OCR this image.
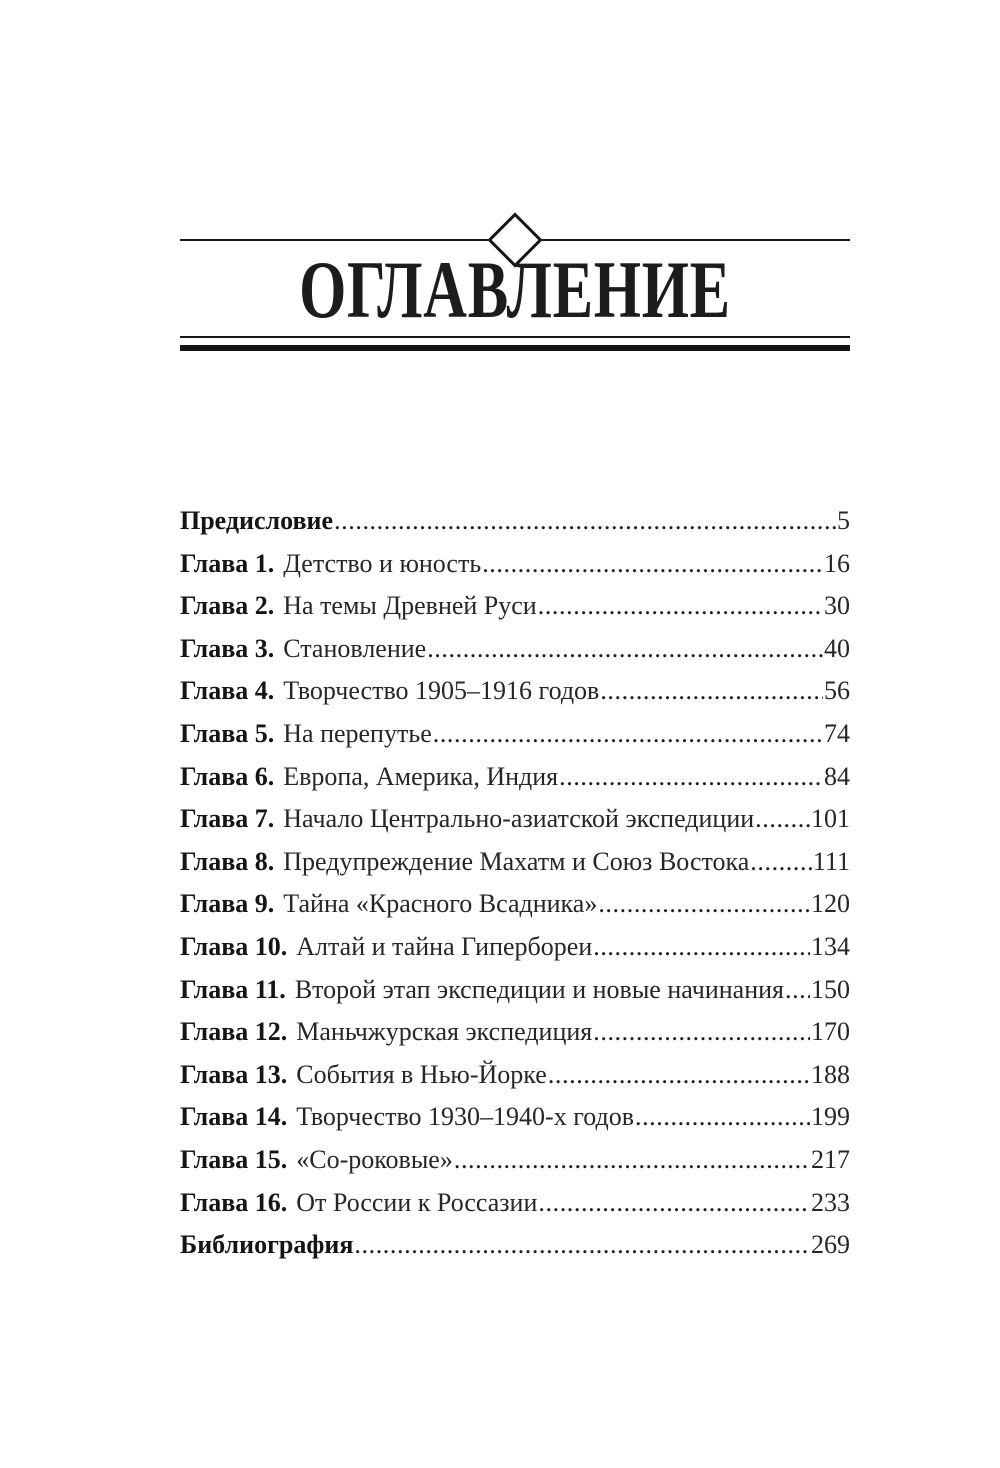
ОГЛАВЛЕНИЕ
Предисловие .....	5
Глава 1. Детство и юность .....	16
Глава 2. На темы Древней Руси .....	30
Глава 3. Становление .....	40
Глава 4. Творчество 1905–1916 годов .....	56
Глава 5. На перепутье .....	74
Глава 6. Европа, Америка, Индия .....	84
Глава 7. Начало Центрально-азиатской экспедиции ..... 101
Глава 8. Предупреждение Махатм и Союз Востока ..... 111
Глава 9. Тайна «Красного Всадника» .....	120
Глава 10. Алтай и тайна Гипербореи .....	134
Глава 11. Второй этап экспедиции и новые начинания ..... 150
Глава 12. Маньчжурская экспедиция .....	170
Глава 13. События в Нью-Йорке .....	188
Глава 14. Творчество 1930–1940-х годов .....	199
Глава 15. «Со-роковые» .....	217
Глава 16. От России к Россазии .....	233
Библиография .....	269
